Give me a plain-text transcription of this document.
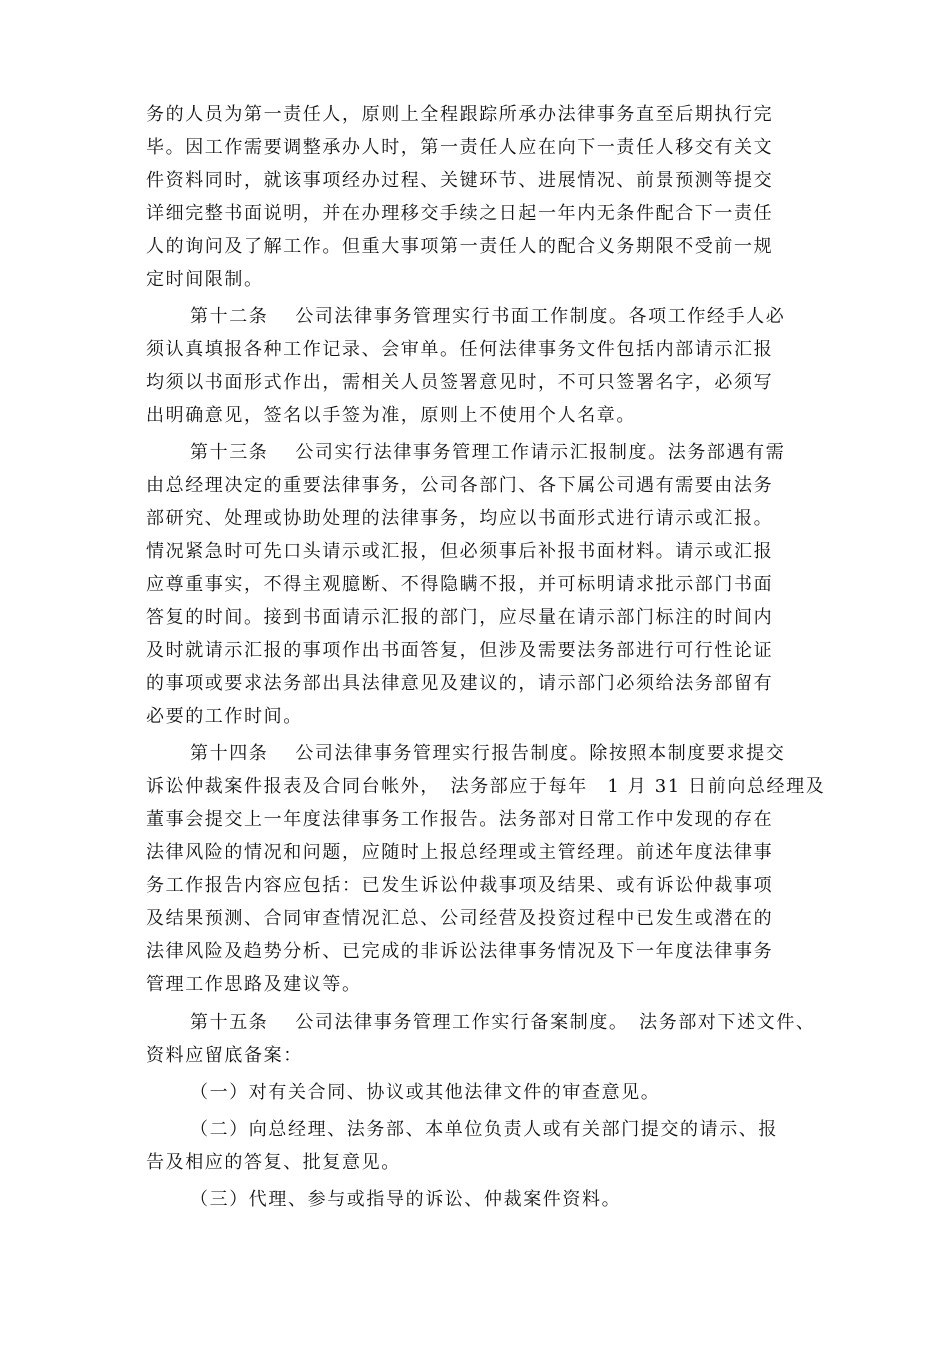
务的人员为第一责任人，原则上全程跟踪所承办法律事务直至后期执行完
毕。因工作需要调整承办人时，第一责任人应在向下一责任人移交有关文
件资料同时，就该事项经办过程、关键环节、进展情况、前景预测等提交
详细完整书面说明，并在办理移交手续之日起一年内无条件配合下一责任
人的询问及了解工作。但重大事项第一责任人的配合义务期限不受前一规
定时间限制。
第十二条　 公司法律事务管理实行书面工作制度。各项工作经手人必
须认真填报各种工作记录、会审单。任何法律事务文件包括内部请示汇报
均须以书面形式作出，需相关人员签署意见时，不可只签署名字，必须写
出明确意见，签名以手签为准，原则上不使用个人名章。
第十三条　 公司实行法律事务管理工作请示汇报制度。法务部遇有需
由总经理决定的重要法律事务，公司各部门、各下属公司遇有需要由法务
部研究、处理或协助处理的法律事务，均应以书面形式进行请示或汇报。
情况紧急时可先口头请示或汇报，但必须事后补报书面材料。请示或汇报
应尊重事实，不得主观臆断、不得隐瞒不报，并可标明请求批示部门书面
答复的时间。接到书面请示汇报的部门，应尽量在请示部门标注的时间内
及时就请示汇报的事项作出书面答复，但涉及需要法务部进行可行性论证
的事项或要求法务部出具法律意见及建议的，请示部门必须给法务部留有
必要的工作时间。
第十四条　 公司法律事务管理实行报告制度。除按照本制度要求提交
诉讼仲裁案件报表及合同台帐外，　法务部应于每年　1 月 31 日前向总经理及
董事会提交上一年度法律事务工作报告。法务部对日常工作中发现的存在
法律风险的情况和问题，应随时上报总经理或主管经理。前述年度法律事
务工作报告内容应包括：已发生诉讼仲裁事项及结果、或有诉讼仲裁事项
及结果预测、合同审查情况汇总、公司经营及投资过程中已发生或潜在的
法律风险及趋势分析、已完成的非诉讼法律事务情况及下一年度法律事务
管理工作思路及建议等。
第十五条　 公司法律事务管理工作实行备案制度。　法务部对下述文件、
资料应留底备案：
（一）对有关合同、协议或其他法律文件的审查意见。
（二）向总经理、法务部、本单位负责人或有关部门提交的请示、报
告及相应的答复、批复意见。
（三）代理、参与或指导的诉讼、仲裁案件资料。
